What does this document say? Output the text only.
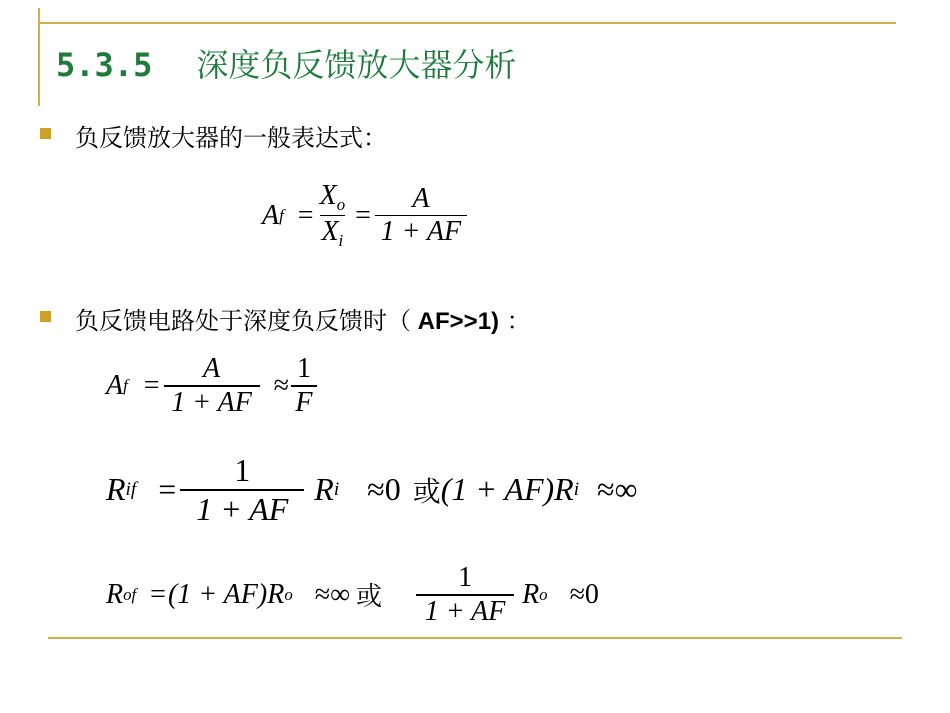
5.3.5 深度负反馈放大器分析
负反馈放大器的一般表达式：
A $f = \frac{X_o}{X_i} = \frac{A}{1 + AF}$
负反馈电路处于深度负反馈时（ AF>>1) ：
A $f = \frac{A}{1 + AF} \approx \frac{1}{F}$
R if = $\frac{1}{1 + AF}$ R i ≈0 或 (1 + AF)R i ≈∞
R of = (1 + AF)R o ≈∞ 或 $\frac{1}{1 + AF}$ R o ≈0
